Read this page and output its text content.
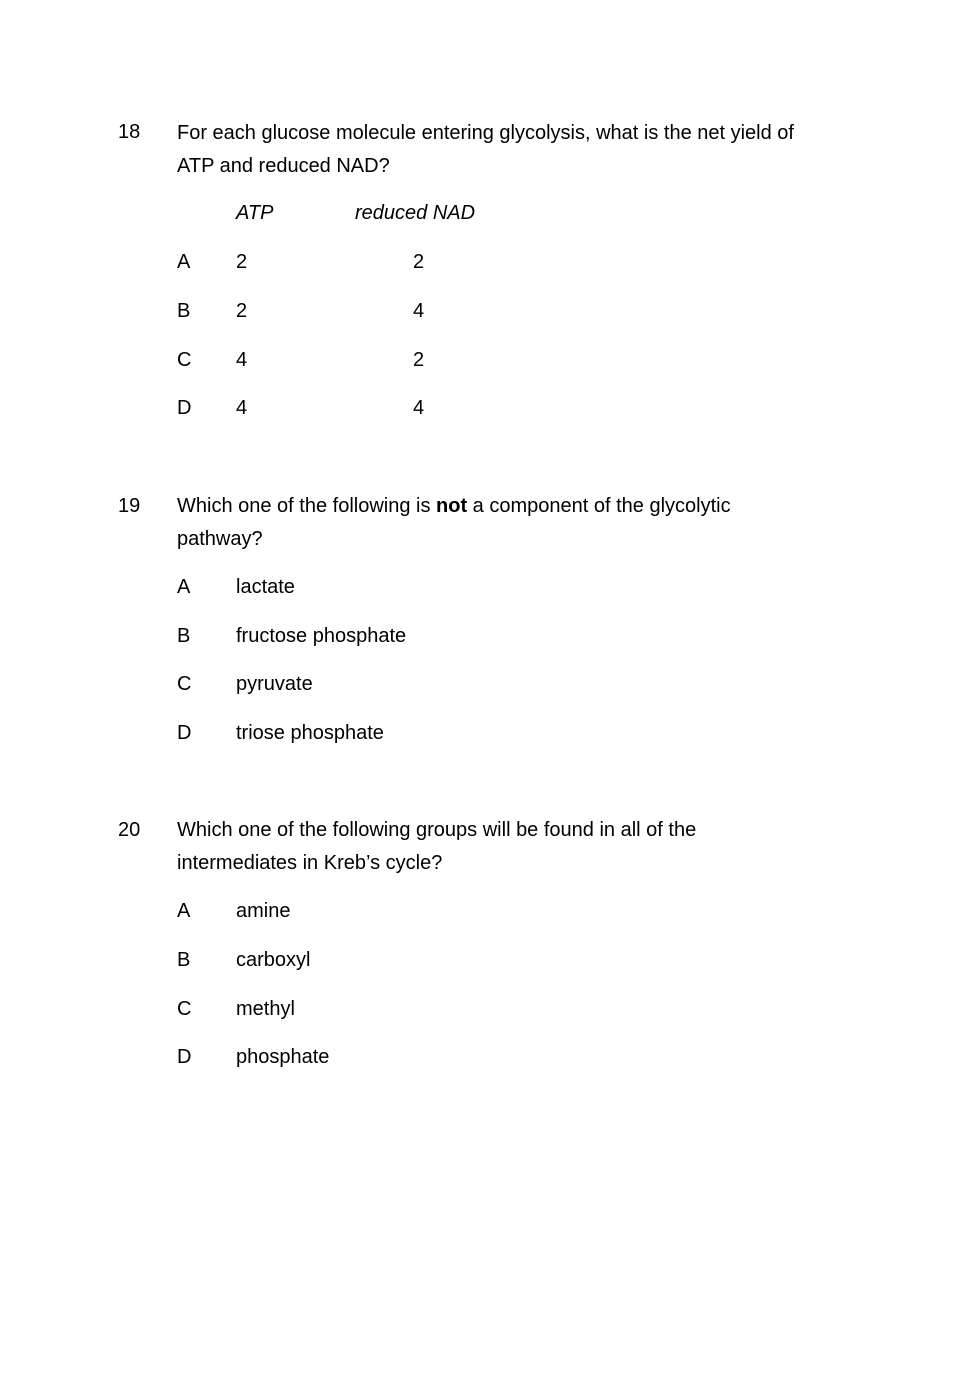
18 For each glucose molecule entering glycolysis, what is the net yield of
ATP and reduced NAD?
ATP	reduced NAD
A 2	2
B 2	4
C 4	2
D 4	4
19 Which one of the following is not a component of the glycolytic
pathway?
A lactate
B fructose phosphate
C pyruvate
D triose phosphate
20 Which one of the following groups will be found in all of the
intermediates in Kreb’s cycle?
A amine
B carboxyl
C methyl
D phosphate
